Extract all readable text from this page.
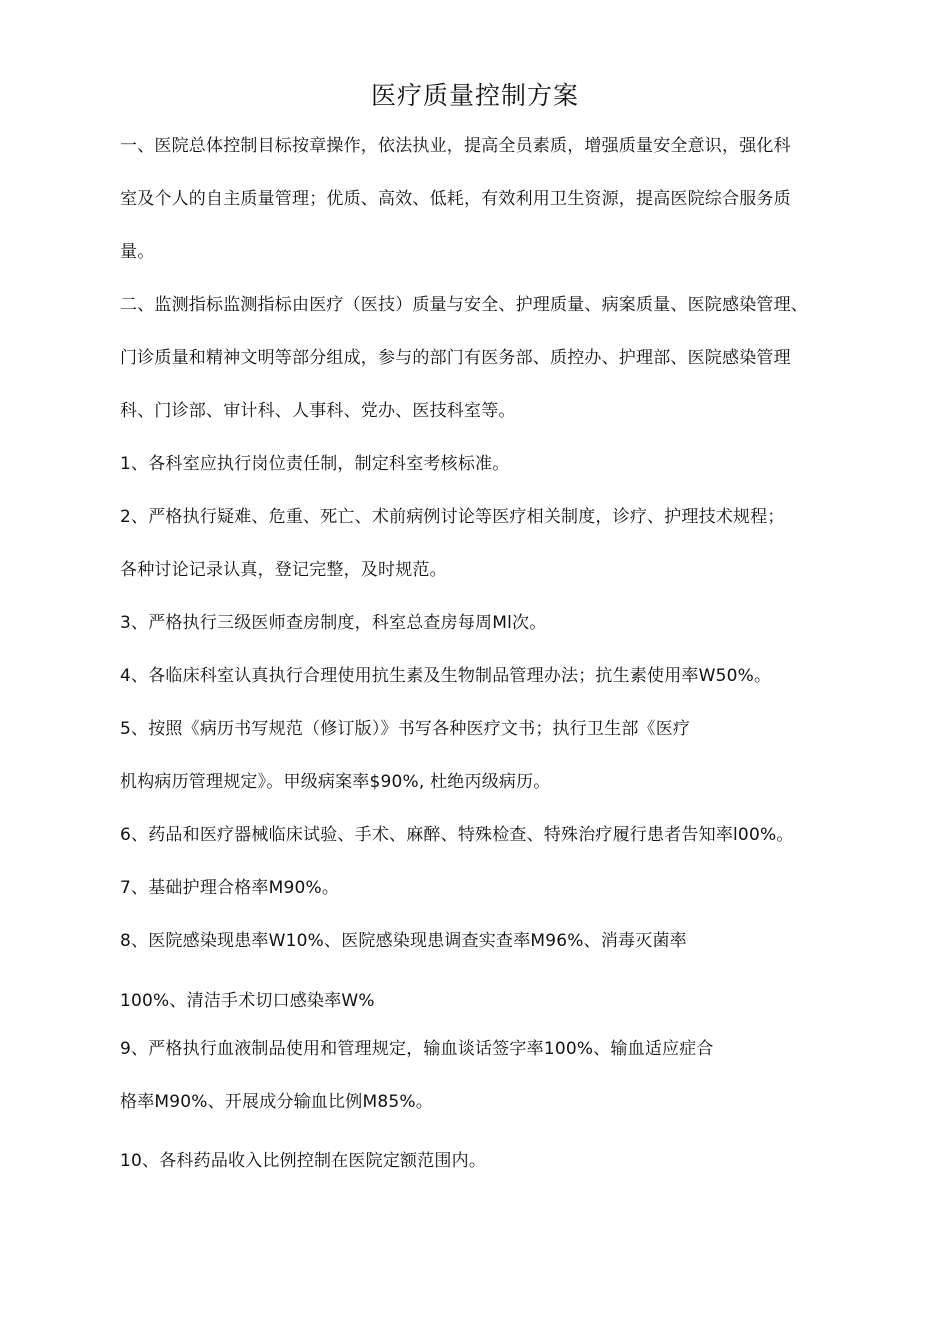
医疗质量控制方案
一、医院总体控制目标按章操作，依法执业，提高全员素质，增强质量安全意识，强化科
室及个人的自主质量管理；优质、高效、低耗，有效利用卫生资源，提高医院综合服务质
量。
二、监测指标监测指标由医疗（医技）质量与安全、护理质量、病案质量、医院感染管理、
门诊质量和精神文明等部分组成，参与的部门有医务部、质控办、护理部、医院感染管理
科、门诊部、审计科、人事科、党办、医技科室等。
1、各科室应执行岗位责任制，制定科室考核标准。
2、严格执行疑难、危重、死亡、术前病例讨论等医疗相关制度，诊疗、护理技术规程；
各种讨论记录认真，登记完整，及时规范。
3、严格执行三级医师查房制度，科室总查房每周Ml次。
4、各临床科室认真执行合理使用抗生素及生物制品管理办法；抗生素使用率W50%。
5、按照《病历书写规范（修订版）》书写各种医疗文书；执行卫生部《医疗
机构病历管理规定》。甲级病案率$90%, 杜绝丙级病历。
6、药品和医疗器械临床试验、手术、麻醉、特殊检查、特殊治疗履行患者告知率l00%。
7、基础护理合格率M90%。
8、医院感染现患率W10%、医院感染现患调查实查率M96%、消毒灭菌率
100%、清洁手术切口感染率W%
9、严格执行血液制品使用和管理规定，输血谈话签字率100%、输血适应症合
格率M90%、开展成分输血比例M85%。
10、各科药品收入比例控制在医院定额范围内。
